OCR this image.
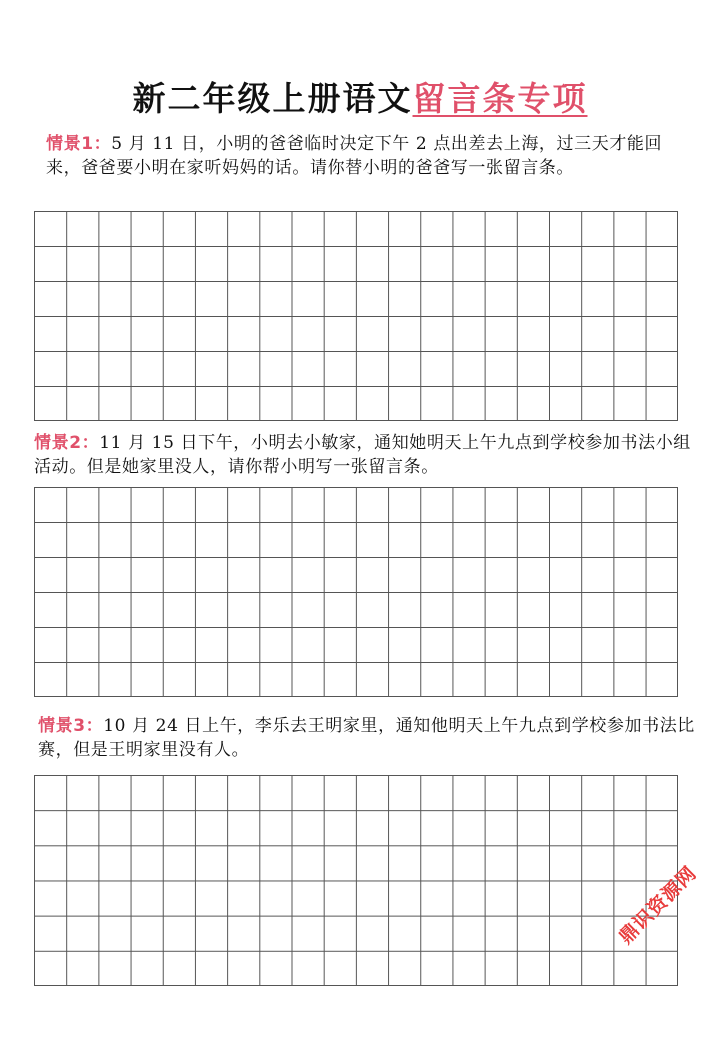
新二年级上册语文留言条专项
情景1：5 月 11 日，小明的爸爸临时决定下午 2 点出差去上海，过三天才能回来，爸爸要小明在家听妈妈的话。请你替小明的爸爸写一张留言条。
情景2：11 月 15 日下午，小明去小敏家，通知她明天上午九点到学校参加书法小组活动。但是她家里没人，请你帮小明写一张留言条。
情景3：10 月 24 日上午，李乐去王明家里，通知他明天上午九点到学校参加书法比赛，但是王明家里没有人。
鼎识资源网
